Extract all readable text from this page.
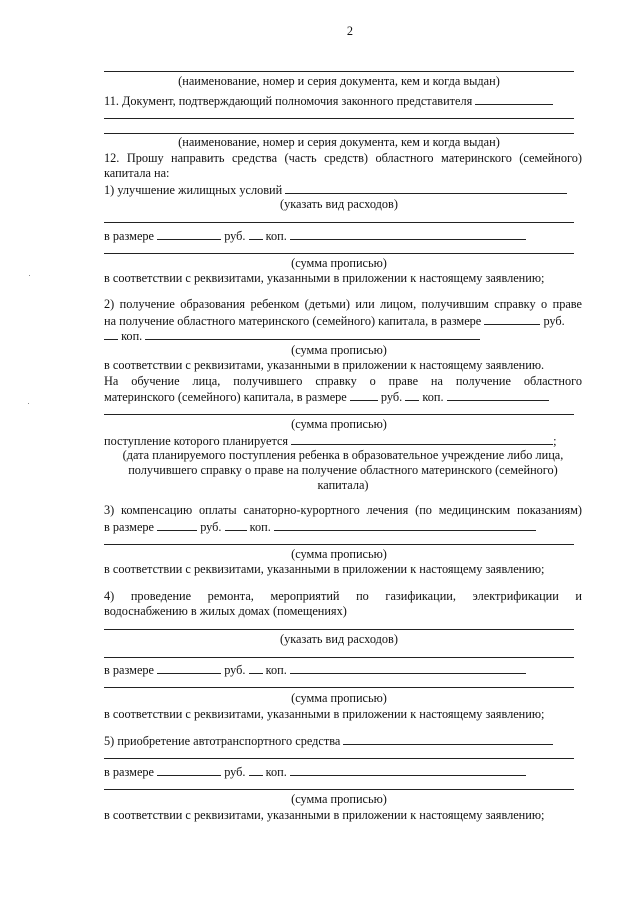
2
(наименование, номер и серия документа, кем и когда выдан)
11. Документ, подтверждающий полномочия законного представителя
(наименование, номер и серия документа, кем и когда выдан)
12. Прошу направить средства (часть средств) областного материнского (семейного)
капитала на:
1) улучшение жилищных условий
(указать вид расходов)
в размере	руб. коп.
(сумма прописью)
в соответствии с реквизитами, указанными в приложении к настоящему заявлению;
2) получение образования ребенком (детьми) или лицом, получившим справку о праве
на получение областного материнского (семейного) капитала, в размере	руб.
коп.
(сумма прописью)
в соответствии с реквизитами, указанными в приложении к настоящему заявлению.
На обучение лица, получившего справку о праве на получение областного
материнского (семейного) капитала, в размере	руб. коп.
(сумма прописью)
поступление которого планируется	;
(дата планируемого поступления ребенка в образовательное учреждение либо лица,
получившего справку о праве на получение областного материнского (семейного)
капитала)
3) компенсацию оплаты санаторно-курортного лечения (по медицинским показаниям)
в размере	руб. коп.
(сумма прописью)
в соответствии с реквизитами, указанными в приложении к настоящему заявлению;
4) проведение ремонта, мероприятий по газификации, электрификации и
водоснабжению в жилых домах (помещениях)
(указать вид расходов)
в размере	руб. коп.
(сумма прописью)
в соответствии с реквизитами, указанными в приложении к настоящему заявлению;
5) приобретение автотранспортного средства
в размере	руб. коп.
(сумма прописью)
в соответствии с реквизитами, указанными в приложении к настоящему заявлению;
